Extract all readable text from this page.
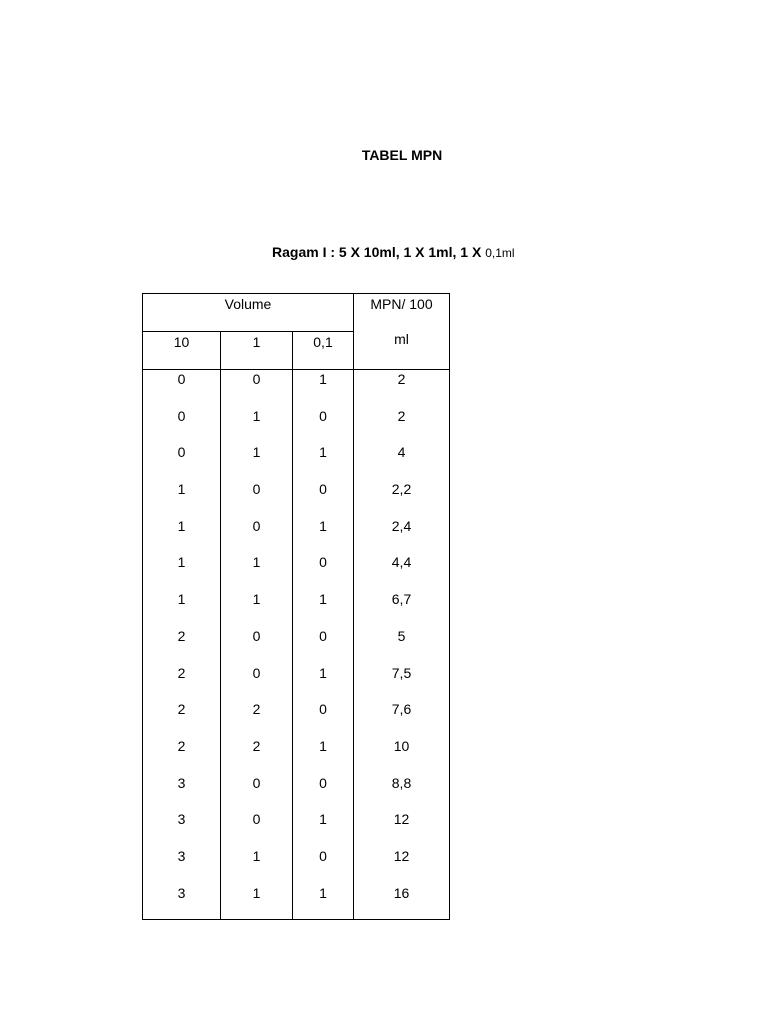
TABEL MPN
Ragam I : 5 X 10ml, 1 X 1ml, 1 X 0,1ml
Volume			MPN/ 100
ml

10	1	0,1	
0	0	1	2
0	1	0	2
0	1	1	4
1	0	0	2,2
1	0	1	2,4
1	1	0	4,4
1	1	1	6,7
2	0	0	5
2	0	1	7,5
2	2	0	7,6
2	2	1	10
3	0	0	8,8
3	0	1	12
3	1	0	12
3	1	1	16
